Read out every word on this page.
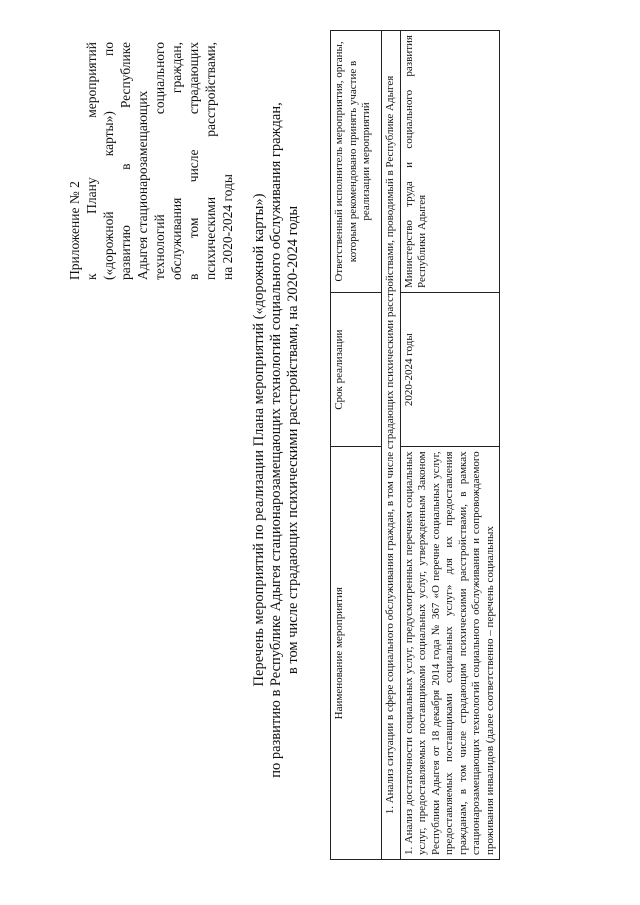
Приложение № 2 к
Плану
мероприятий
(«дорожной
карты»)
по
развитию
в
Республике
Адыгея стационарозамещающих технологий
социального
обслуживания
граждан,
в
том
числе
страдающих
психическими
расстройствами,
на 2020-2024 годы Перечень мероприятий по реализации Плана мероприятий («дорожной карты») по развитию в Республике Адыгея стационарозамещающих технологий социального обслуживания граждан, в том числе страдающих психическими расстройствами, на 2020-2024 годы	Наименование мероприятия	Срок реализации	Ответственный исполнитель мероприятия, органы, которым рекомендовано принять участие в реализации мероприятий
1. Анализ ситуации в сфере социального обслуживания граждан, в том числе страдающих психическими расстройствами, проводимый в Республике Адыгея		
1. Анализ достаточности социальных услуг, предусмотренных перечнем социальных услуг, предоставляемых поставщиками социальных услуг, утвержденным Законом Республики Адыгея от 18 декабря 2014 года № 367 «О перечне социальных услуг, предоставляемых поставщиками социальных услуг» для их предоставления гражданам, в том числе страдающим психическими расстройствами, в рамках стационарозамещающих технологий социального обслуживания и сопровождаемого проживания инвалидов (далее соответственно – перечень социальных	2020-2024 годы	Министерство труда и социального развития Республики Адыгея
